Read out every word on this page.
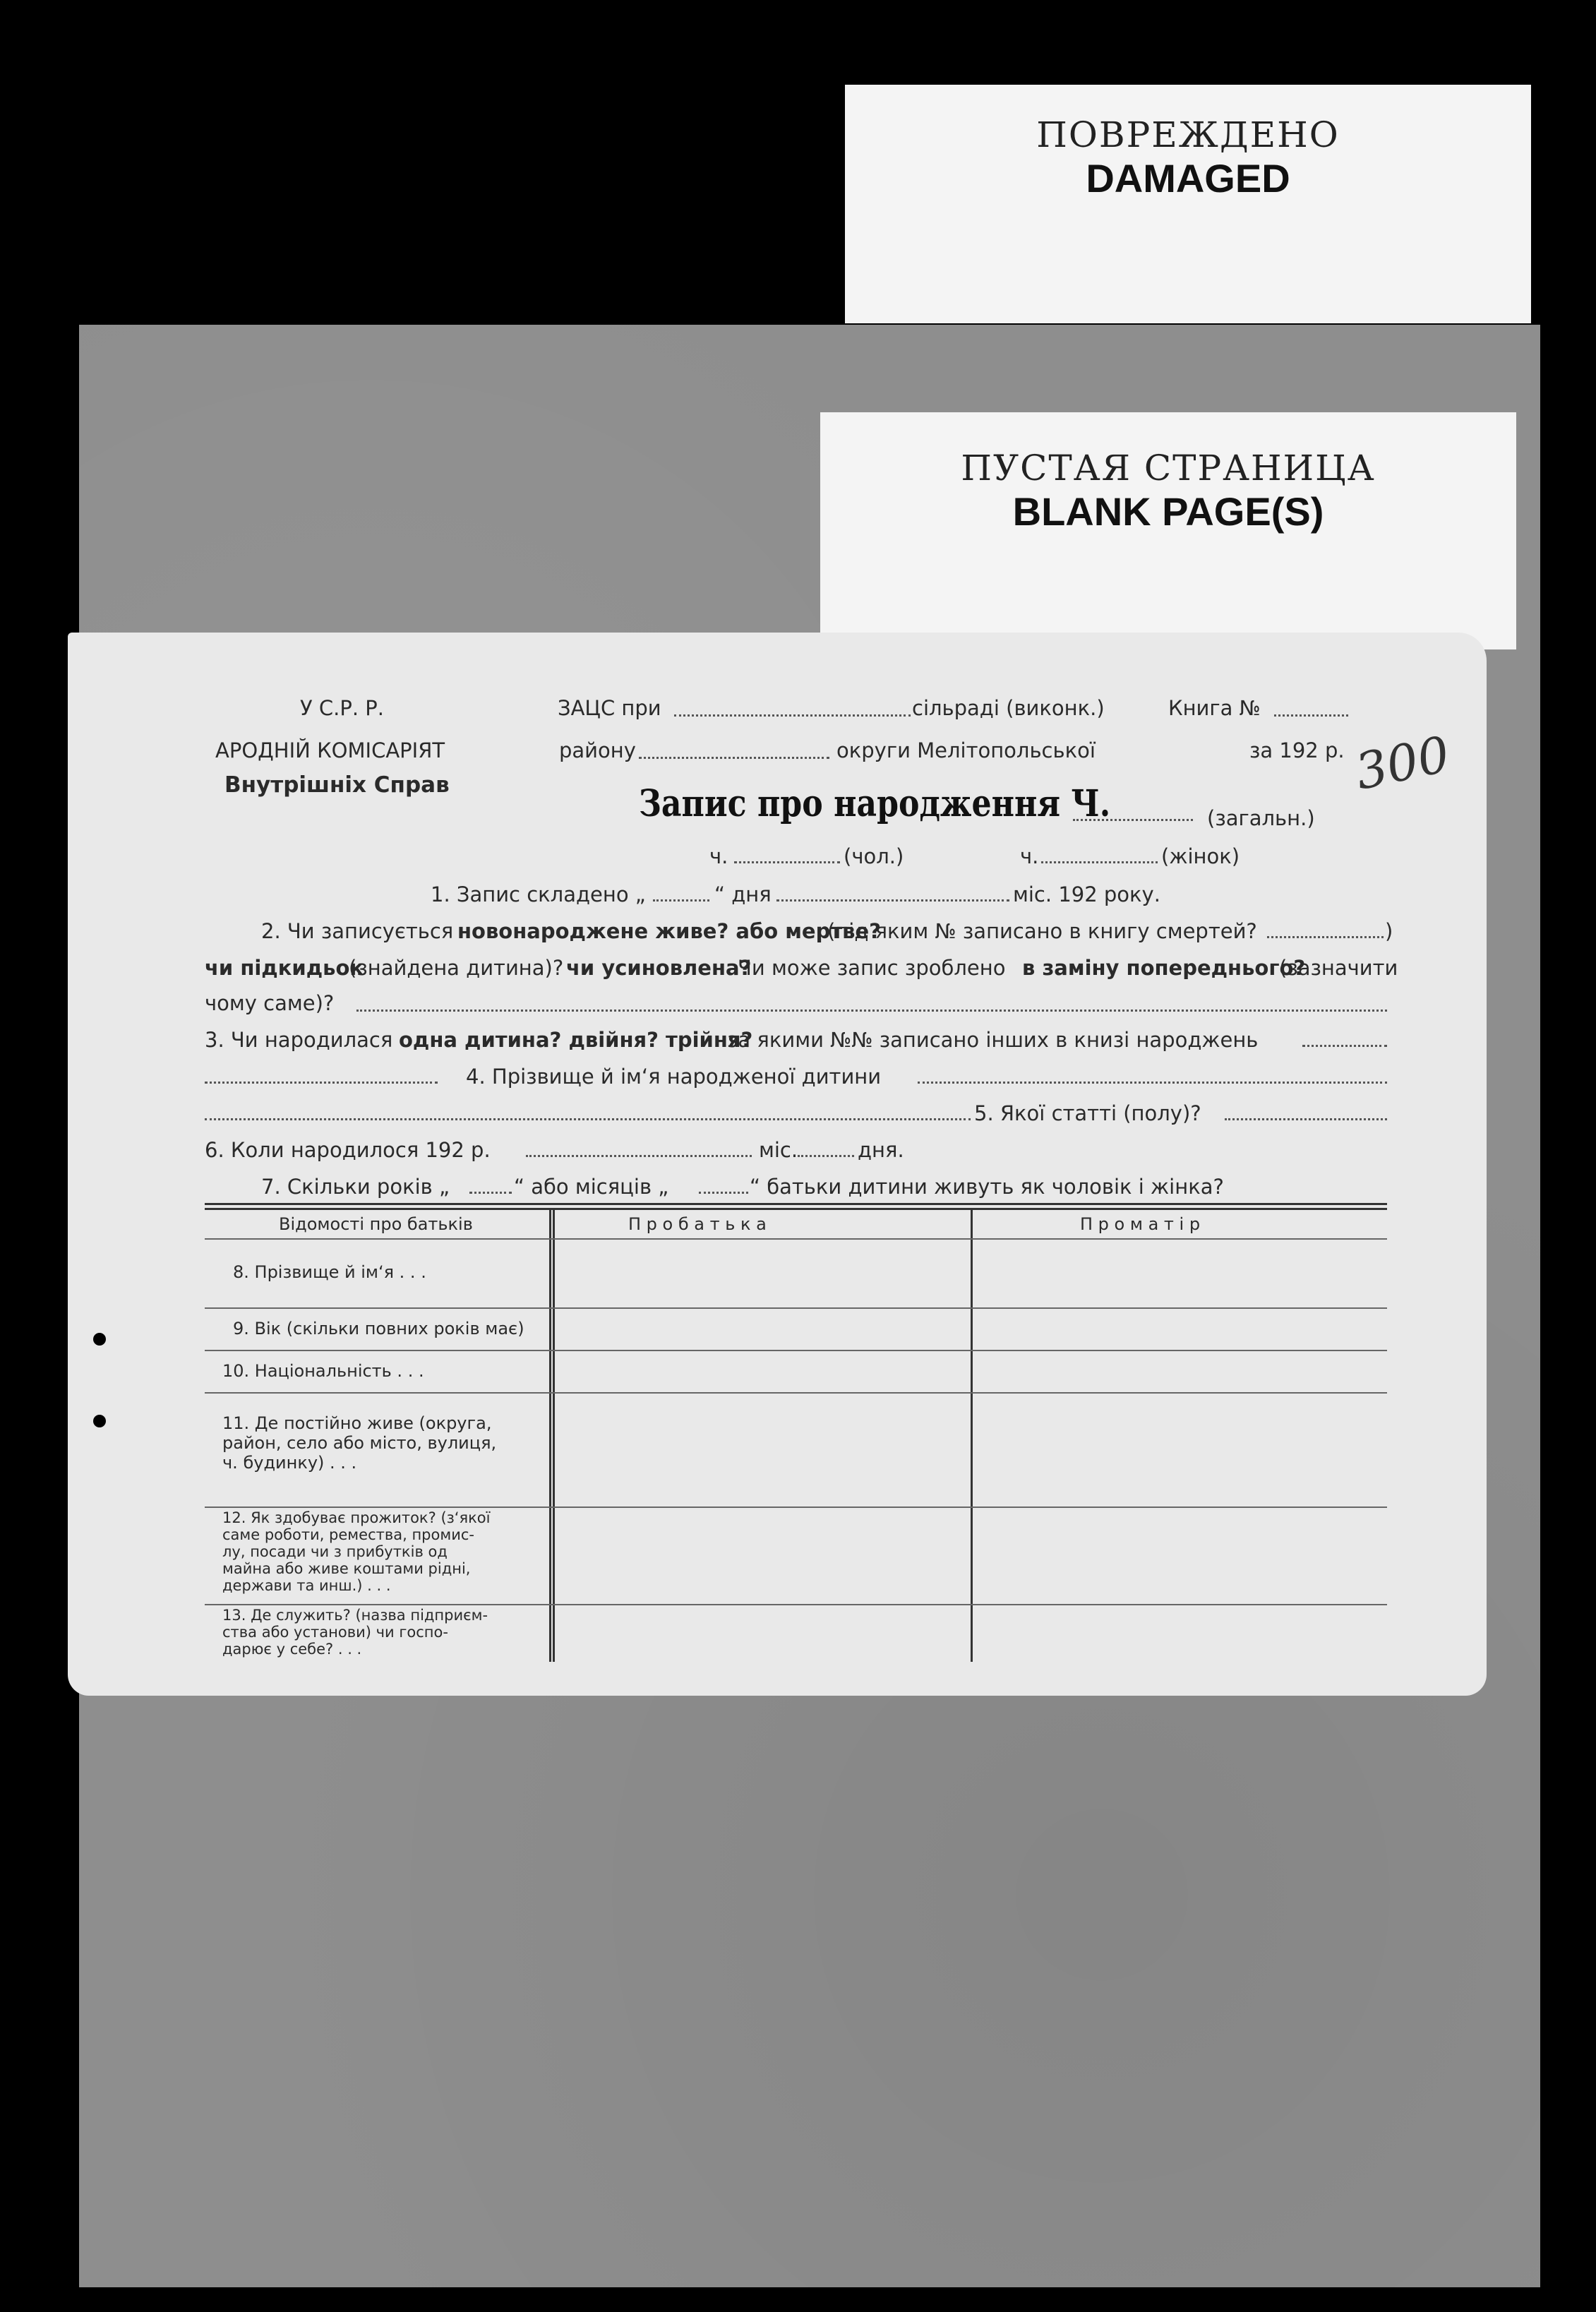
ПОВРЕЖДЕНО
DAMAGED
ПУСТАЯ СТРАНИЦА
BLANK PAGE(S)
У С.Р. Р.
АРОДНІЙ КОМІСАРІЯТ
Внутрішніх Справ
ЗАЦС при	сільраді (виконк.)	Книга №
району	округи Мелітопольської	за 192 р. 300
Запис про народження Ч.	(загальн.)
ч.	(чол.)	ч.	(жінок)
1. Запис складено „	“ дня	міс. 192 року.
2. Чи записується новонароджене живе? або мертве?
(під яким № записано в книгу смертей?	)
чи підкидьок
(знайдена дитина)? чи усиновлена?
Чи може запис зроблено в заміну попереднього?
(зазначити
чому саме)?
3. Чи народилася одна дитина? двійня? трійня?
за якими №№ записано інших в книзі народжень
4. Прізвище й ім‘я народженої дитини
5. Якої статті (полу)?
6. Коли народилося 192 р.	міс.	дня.
7. Скільки років „	“ або місяців „	“ батьки дитини живуть як чоловік і жінка?
Відомості про батьків	П р о б а т ь к а	П р о м а т і р
8. Прізвище й ім‘я . . .
9. Вік (скільки повних років має)
10. Національність . . .
11. Де постійно живе (округа,
район, село або місто, вулиця,
ч. будинку) . . .
12. Як здобуває прожиток? (з‘якої
саме роботи, ремества, промис-
лу, посади чи з прибутків од
майна або живе коштами рідні,
держави та инш.) . . .
13. Де служить? (назва підприєм-
ства або установи) чи госпо-
дарює у себе? . . .
